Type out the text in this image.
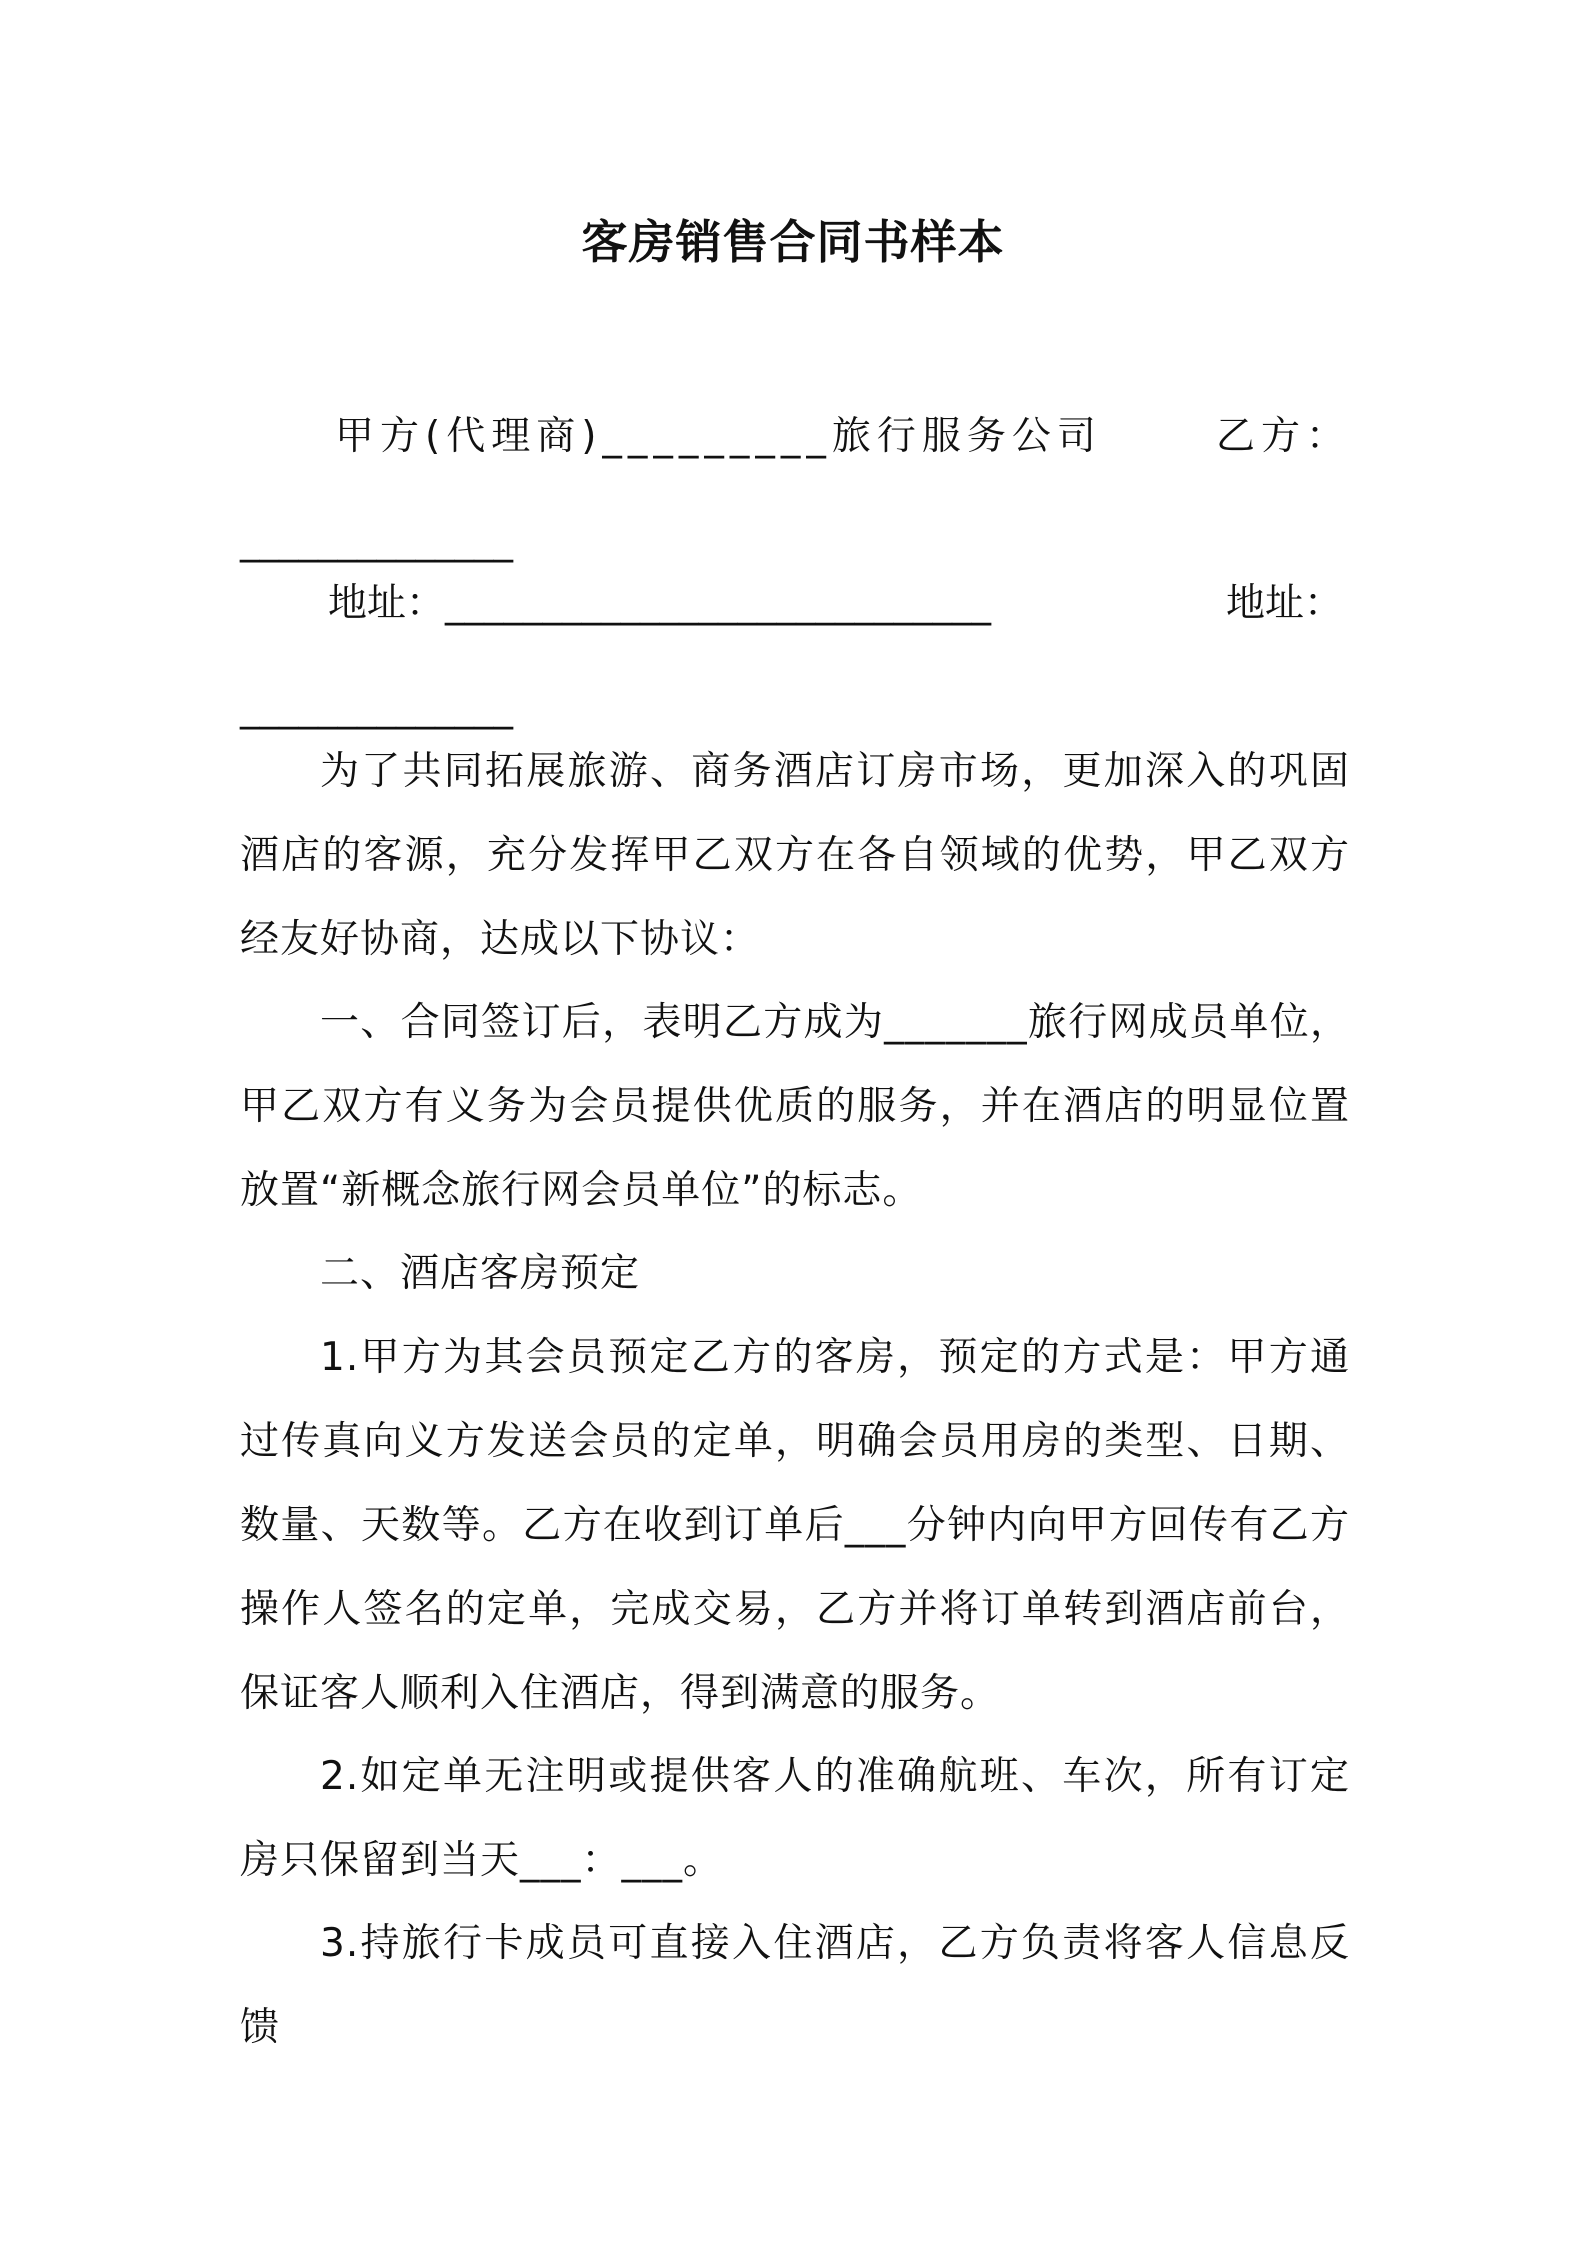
客房销售合同书样本
甲方(代理商)_________旅行服务公司	乙方：
______________
地址：____________________________	地址：
______________
为了共同拓展旅游、商务酒店订房市场，更加深入的巩固酒店的客源，充分发挥甲乙双方在各自领域的优势，甲乙双方经友好协商，达成以下协议：
一、合同签订后，表明乙方成为_______旅行网成员单位，甲乙双方有义务为会员提供优质的服务，并在酒店的明显位置放置“新概念旅行网会员单位”的标志。
二、酒店客房预定
1.甲方为其会员预定乙方的客房，预定的方式是：甲方通过传真向义方发送会员的定单，明确会员用房的类型、日期、数量、天数等。乙方在收到订单后___分钟内向甲方回传有乙方操作人签名的定单，完成交易，乙方并将订单转到酒店前台，保证客人顺利入住酒店，得到满意的服务。
2.如定单无注明或提供客人的准确航班、车次，所有订定房只保留到当天___：___。
3.持旅行卡成员可直接入住酒店，乙方负责将客人信息反馈
